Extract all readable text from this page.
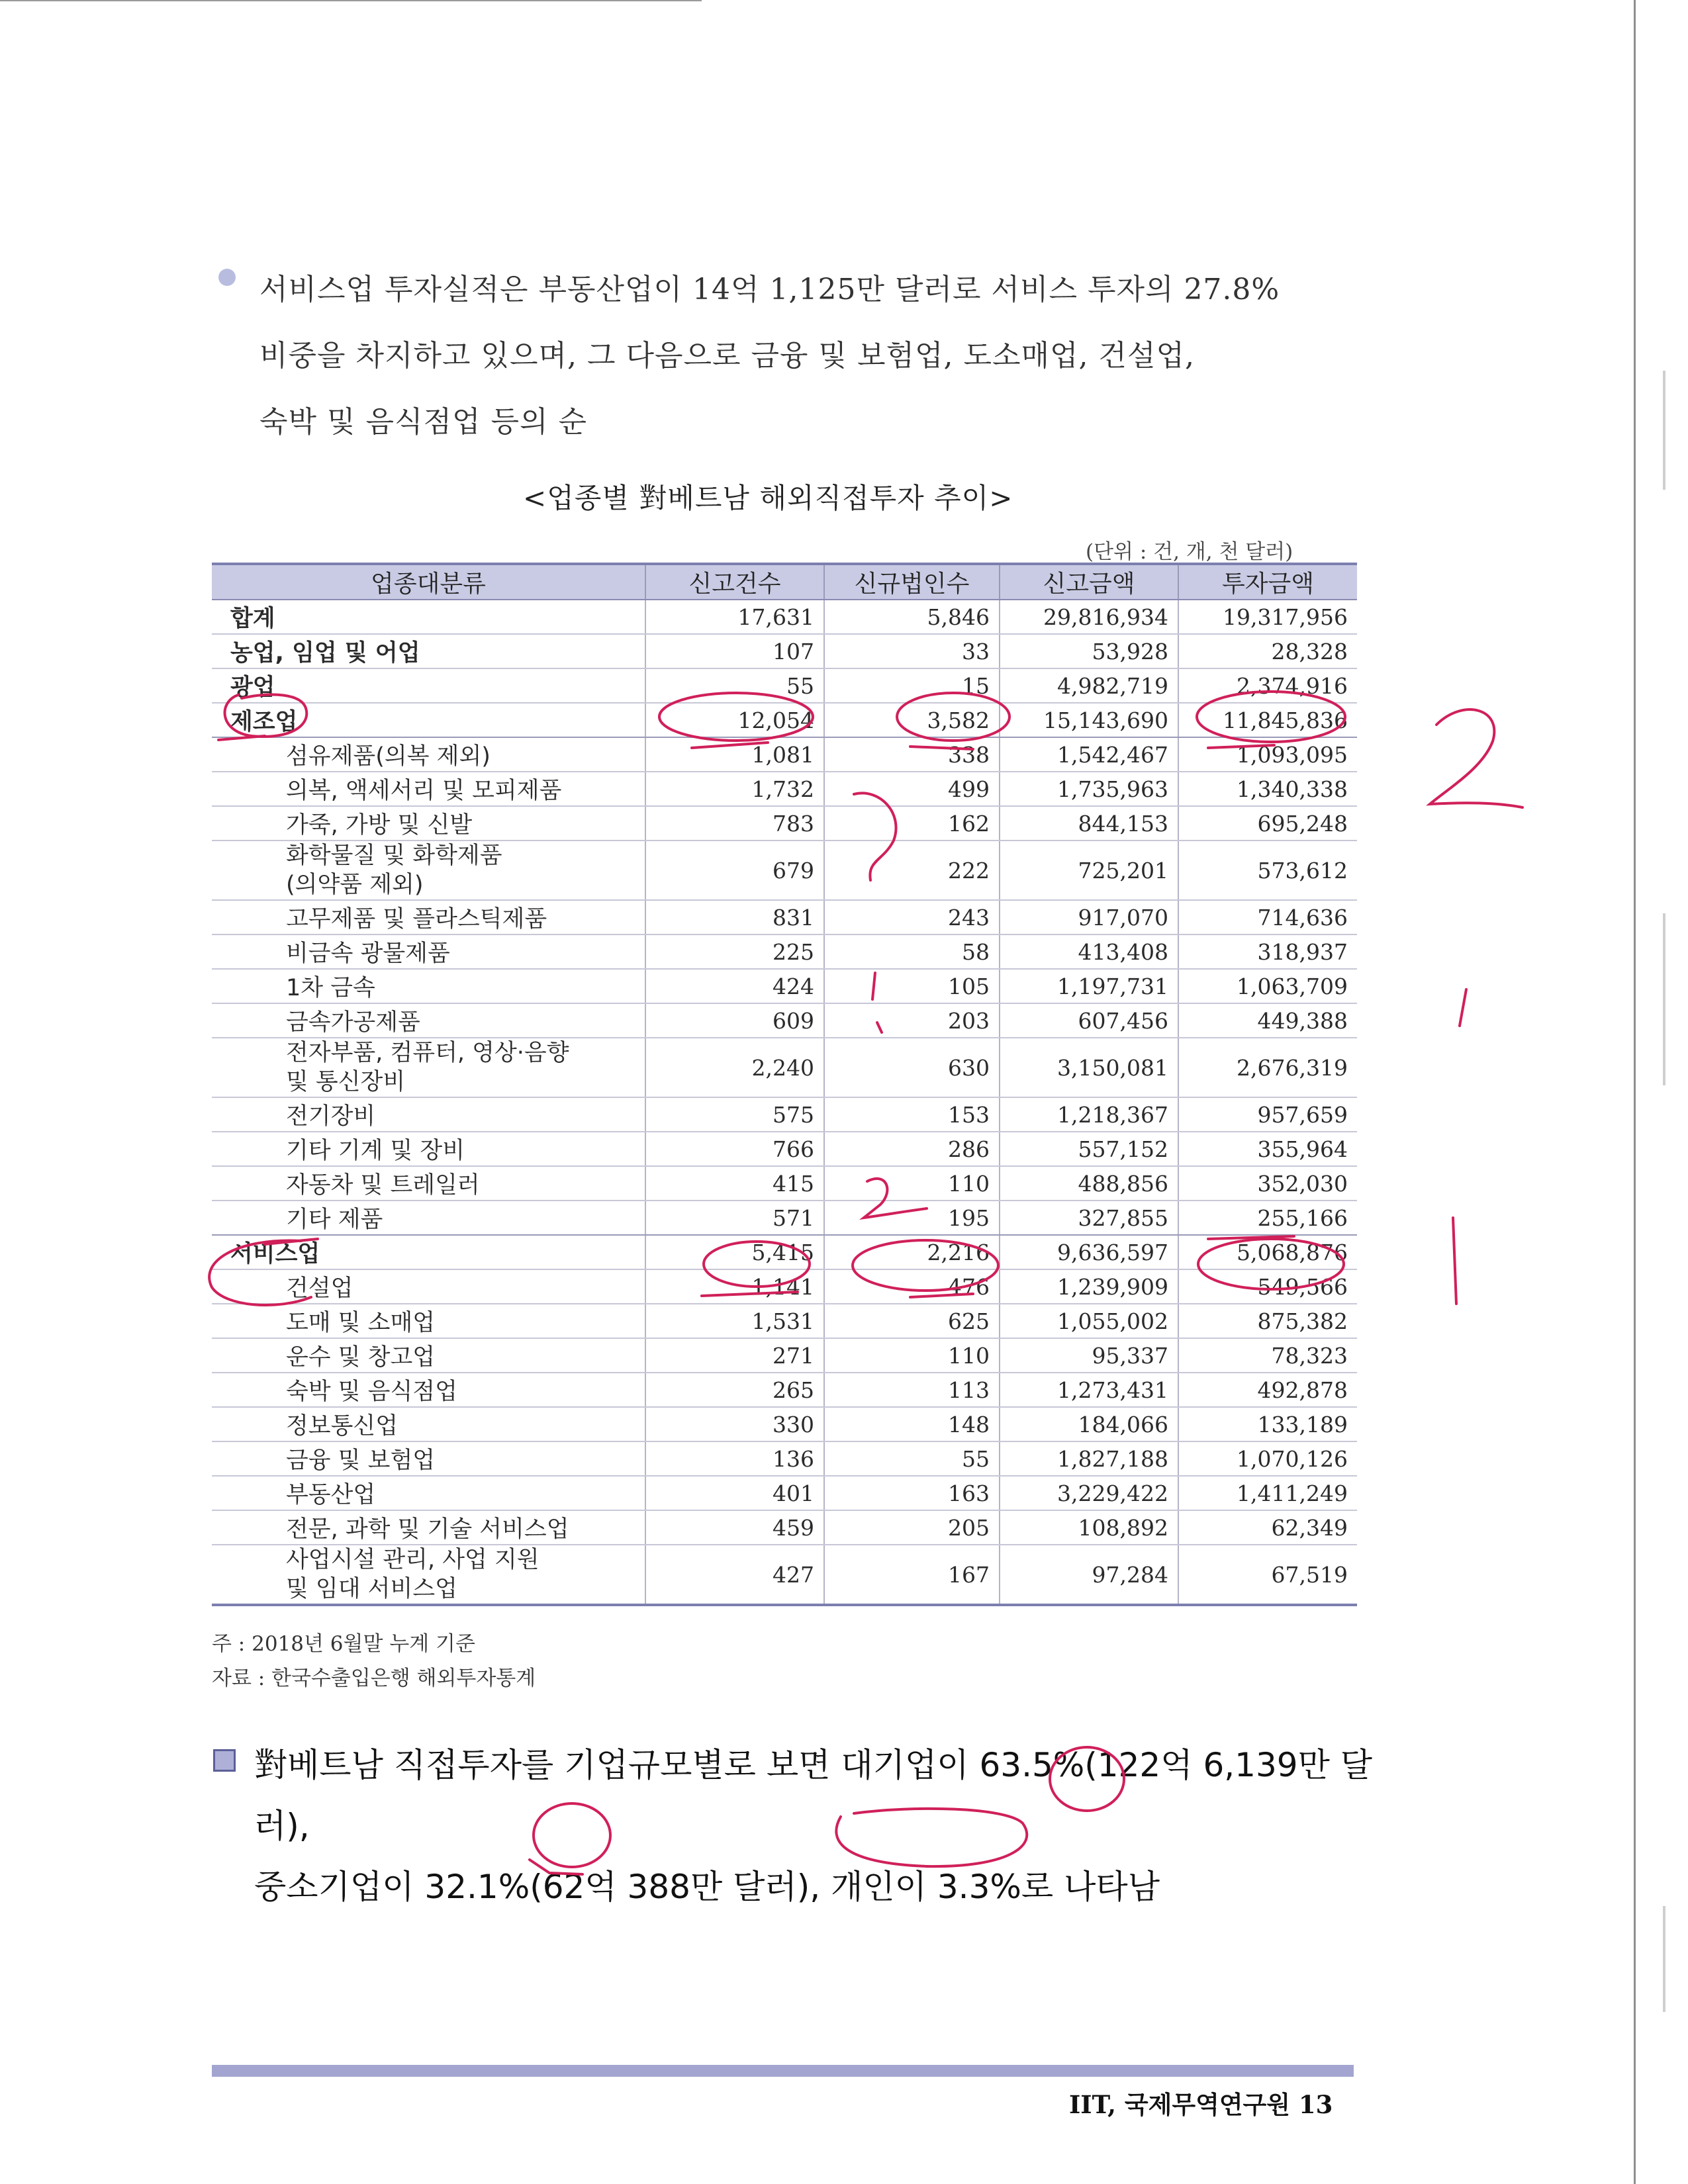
서비스업 투자실적은 부동산업이 14억 1,125만 달러로 서비스 투자의 27.8%
비중을 차지하고 있으며, 그 다음으로 금융 및 보험업, 도소매업, 건설업,
숙박 및 음식점업 등의 순
<업종별 對베트남 해외직접투자 추이>
(단위 : 건, 개, 천 달러)
업종대분류	신고건수	신규법인수	신고금액	투자금액
합계	17,631	5,846	29,816,934	19,317,956
농업, 임업 및 어업	107	33	53,928	28,328
광업	55	15	4,982,719	2,374,916
제조업	12,054	3,582	15,143,690	11,845,836
섬유제품(의복 제외)	1,081	338	1,542,467	1,093,095
의복, 액세서리 및 모피제품	1,732	499	1,735,963	1,340,338
가죽, 가방 및 신발	783	162	844,153	695,248

화학물질 및 화학제품
(의약품 제외)	679	222	725,201	573,612
고무제품 및 플라스틱제품	831	243	917,070	714,636
비금속 광물제품	225	58	413,408	318,937
1차 금속	424	105	1,197,731	1,063,709
금속가공제품	609	203	607,456	449,388

전자부품, 컴퓨터, 영상·음향
및 통신장비	2,240	630	3,150,081	2,676,319
전기장비	575	153	1,218,367	957,659
기타 기계 및 장비	766	286	557,152	355,964
자동차 및 트레일러	415	110	488,856	352,030
기타 제품	571	195	327,855	255,166
서비스업	5,415	2,216	9,636,597	5,068,876
건설업	1,141	476	1,239,909	549,566
도매 및 소매업	1,531	625	1,055,002	875,382
운수 및 창고업	271	110	95,337	78,323
숙박 및 음식점업	265	113	1,273,431	492,878
정보통신업	330	148	184,066	133,189
금융 및 보험업	136	55	1,827,188	1,070,126
부동산업	401	163	3,229,422	1,411,249
전문, 과학 및 기술 서비스업	459	205	108,892	62,349

사업시설 관리, 사업 지원
및 임대 서비스업	427	167	97,284	67,519
주 : 2018년 6월말 누계 기준
자료 : 한국수출입은행 해외투자통계
對베트남 직접투자를 기업규모별로 보면 대기업이 63.5%(122억 6,139만 달러),
중소기업이 32.1%(62억 388만 달러), 개인이 3.3%로 나타남
IIT, 국제무역연구원 13
